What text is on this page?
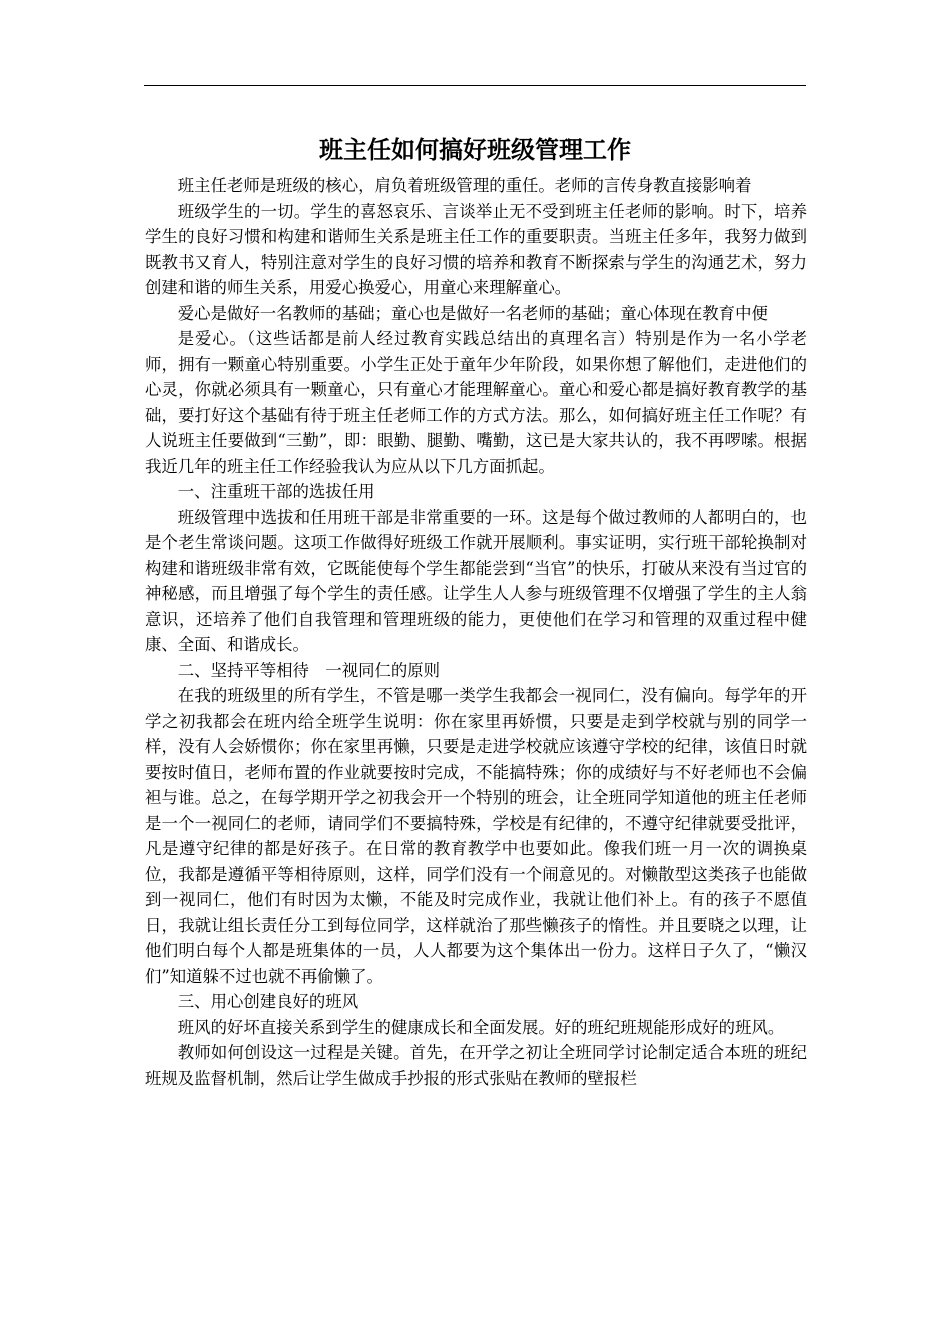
班主任如何搞好班级管理工作

班主任老师是班级的核心，肩负着班级管理的重任。老师的言传身教直接影响着

班级学生的一切。学生的喜怒哀乐、言谈举止无不受到班主任老师的影响。时下，培养学生的良好习惯和构建和谐师生关系是班主任工作的重要职责。当班主任多年，我努力做到既教书又育人，特别注意对学生的良好习惯的培养和教育不断探索与学生的沟通艺术，努力创建和谐的师生关系，用爱心换爱心，用童心来理解童心。

爱心是做好一名教师的基础；童心也是做好一名老师的基础；童心体现在教育中便

是爱心。（这些话都是前人经过教育实践总结出的真理名言）特别是作为一名小学老师，拥有一颗童心特别重要。小学生正处于童年少年阶段，如果你想了解他们，走进他们的心灵，你就必须具有一颗童心，只有童心才能理解童心。童心和爱心都是搞好教育教学的基础，要打好这个基础有待于班主任老师工作的方式方法。那么，如何搞好班主任工作呢？有人说班主任要做到“三勤”，即：眼勤、腿勤、嘴勤，这已是大家共认的，我不再啰嗦。根据我近几年的班主任工作经验我认为应从以下几方面抓起。

一、注重班干部的选拔任用

班级管理中选拔和任用班干部是非常重要的一环。这是每个做过教师的人都明白的，也是个老生常谈问题。这项工作做得好班级工作就开展顺利。事实证明，实行班干部轮换制对构建和谐班级非常有效，它既能使每个学生都能尝到“当官”的快乐，打破从来没有当过官的神秘感，而且增强了每个学生的责任感。让学生人人参与班级管理不仅增强了学生的主人翁意识，还培养了他们自我管理和管理班级的能力，更使他们在学习和管理的双重过程中健康、全面、和谐成长。

二、坚持平等相待　一视同仁的原则

在我的班级里的所有学生，不管是哪一类学生我都会一视同仁，没有偏向。每学年的开学之初我都会在班内给全班学生说明：你在家里再娇惯，只要是走到学校就与别的同学一样，没有人会娇惯你；你在家里再懒，只要是走进学校就应该遵守学校的纪律，该值日时就要按时值日，老师布置的作业就要按时完成，不能搞特殊；你的成绩好与不好老师也不会偏袒与谁。总之，在每学期开学之初我会开一个特别的班会，让全班同学知道他的班主任老师是一个一视同仁的老师，请同学们不要搞特殊，学校是有纪律的，不遵守纪律就要受批评，凡是遵守纪律的都是好孩子。在日常的教育教学中也要如此。像我们班一月一次的调换桌位，我都是遵循平等相待原则，这样，同学们没有一个闹意见的。对懒散型这类孩子也能做到一视同仁，他们有时因为太懒，不能及时完成作业，我就让他们补上。有的孩子不愿值日，我就让组长责任分工到每位同学，这样就治了那些懒孩子的惰性。并且要晓之以理，让他们明白每个人都是班集体的一员，人人都要为这个集体出一份力。这样日子久了，“懒汉们”知道躲不过也就不再偷懒了。

三、用心创建良好的班风

班风的好坏直接关系到学生的健康成长和全面发展。好的班纪班规能形成好的班风。

教师如何创设这一过程是关键。首先，在开学之初让全班同学讨论制定适合本班的班纪班规及监督机制，然后让学生做成手抄报的形式张贴在教师的壁报栏
